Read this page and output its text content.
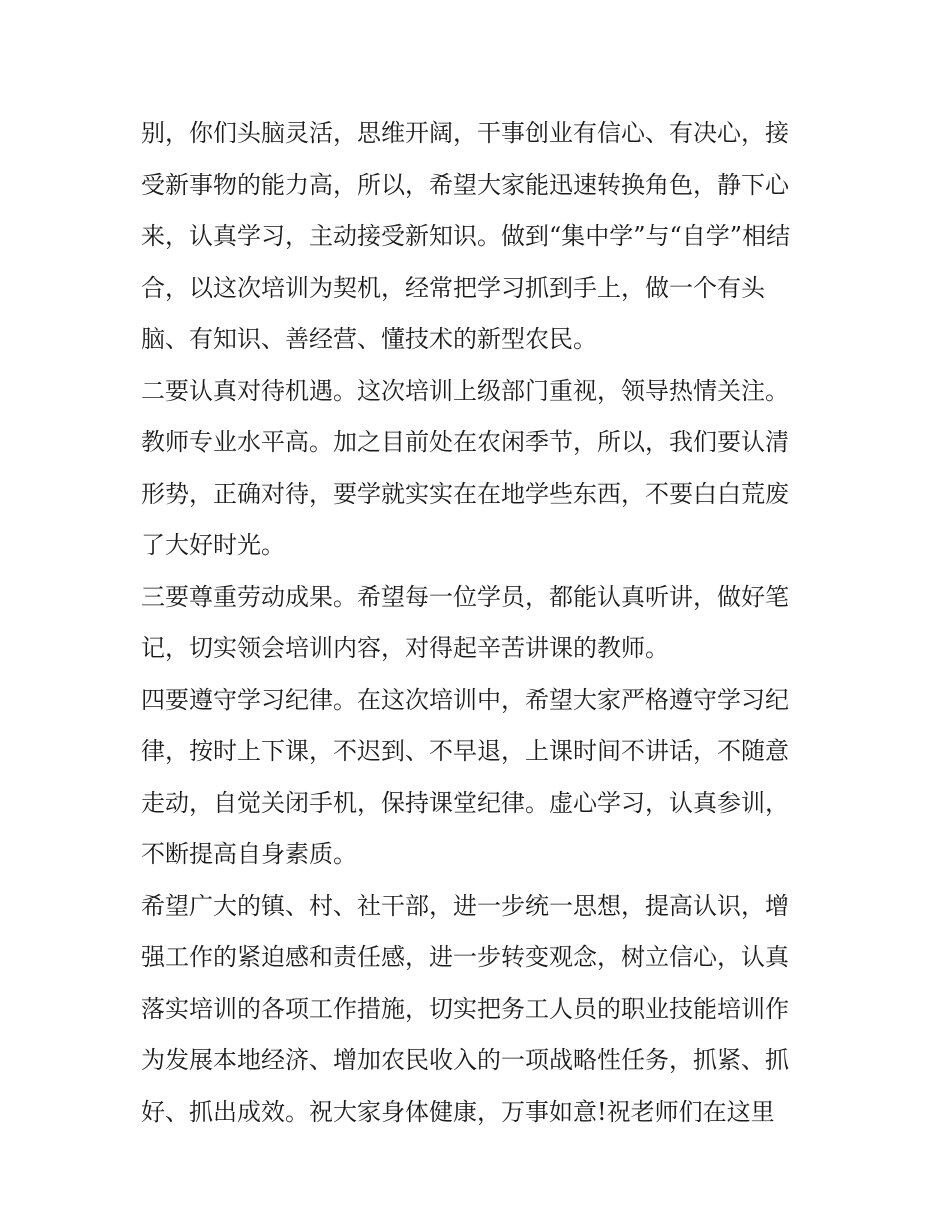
别，你们头脑灵活，思维开阔，干事创业有信心、有决心，接
受新事物的能力高，所以，希望大家能迅速转换角色，静下心
来，认真学习，主动接受新知识。做到“集中学”与“自学”相结
合，以这次培训为契机，经常把学习抓到手上，做一个有头
脑、有知识、善经营、懂技术的新型农民。
二要认真对待机遇。这次培训上级部门重视，领导热情关注。
教师专业水平高。加之目前处在农闲季节，所以，我们要认清
形势，正确对待，要学就实实在在地学些东西，不要白白荒废
了大好时光。
三要尊重劳动成果。希望每一位学员，都能认真听讲，做好笔
记，切实领会培训内容，对得起辛苦讲课的教师。
四要遵守学习纪律。在这次培训中，希望大家严格遵守学习纪
律，按时上下课，不迟到、不早退，上课时间不讲话，不随意
走动，自觉关闭手机，保持课堂纪律。虚心学习，认真参训，
不断提高自身素质。
希望广大的镇、村、社干部，进一步统一思想，提高认识，增
强工作的紧迫感和责任感，进一步转变观念，树立信心，认真
落实培训的各项工作措施，切实把务工人员的职业技能培训作
为发展本地经济、增加农民收入的一项战略性任务，抓紧、抓
好、抓出成效。祝大家身体健康，万事如意!祝老师们在这里
